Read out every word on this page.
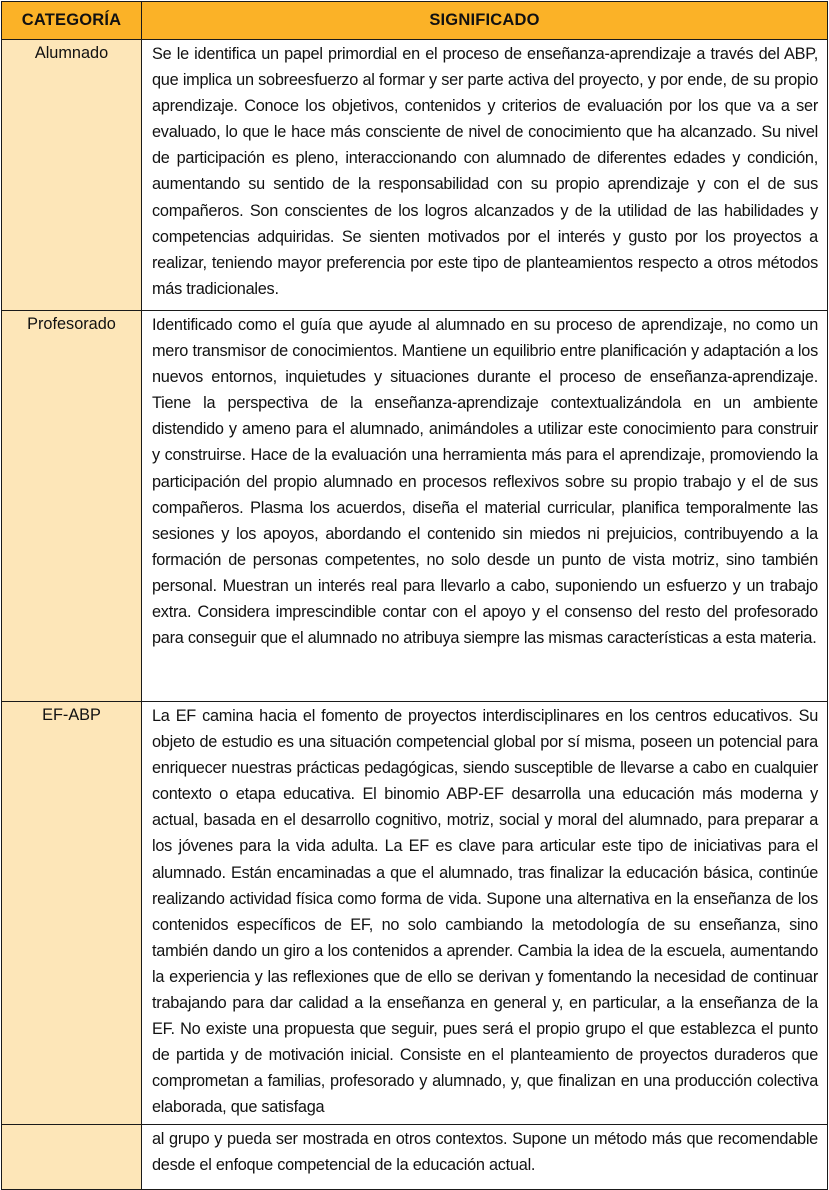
CATEGORÍA	SIGNIFICADO
Alumnado	Se le identifica un papel primordial en el proceso de enseñanza-aprendizaje a través del ABP, que implica un sobreesfuerzo al formar y ser parte activa del proyecto, y por ende, de su propio aprendizaje. Conoce los objetivos, contenidos y criterios de evaluación por los que va a ser evaluado, lo que le hace más consciente de nivel de conocimiento que ha alcanzado. Su nivel de participación es pleno, interaccionando con alumnado de diferentes edades y condición, aumentando su sentido de la responsabilidad con su propio aprendizaje y con el de sus compañeros. Son conscientes de los logros alcanzados y de la utilidad de las habilidades y competencias adquiridas. Se sienten motivados por el interés y gusto por los proyectos a realizar, teniendo mayor preferencia por este tipo de planteamientos respecto a otros métodos más tradicionales.

Profesorado	Identificado como el guía que ayude al alumnado en su proceso de aprendizaje, no como un mero transmisor de conocimientos. Mantiene un equilibrio entre planificación y adaptación a los nuevos entornos, inquietudes y situaciones durante el proceso de enseñanza-aprendizaje. Tiene la perspectiva de la enseñanza-aprendizaje contextualizándola en un ambiente distendido y ameno para el alumnado, animándoles a utilizar este conocimiento para construir y construirse. Hace de la evaluación una herramienta más para el aprendizaje, promoviendo la participación del propio alumnado en procesos reflexivos sobre su propio trabajo y el de sus compañeros. Plasma los acuerdos, diseña el material curricular, planifica temporalmente las sesiones y los apoyos, abordando el contenido sin miedos ni prejuicios, contribuyendo a la formación de personas competentes, no solo desde un punto de vista motriz, sino también personal. Muestran un interés real para llevarlo a cabo, suponiendo un esfuerzo y un trabajo extra. Considera imprescindible contar con el apoyo y el consenso del resto del profesorado para conseguir que el alumnado no atribuya siempre las mismas características a esta materia.

EF-ABP	La EF camina hacia el fomento de proyectos interdisciplinares en los centros educativos. Su objeto de estudio es una situación competencial global por sí misma, poseen un potencial para enriquecer nuestras prácticas pedagógicas, siendo susceptible de llevarse a cabo en cualquier contexto o etapa educativa. El binomio ABP-EF desarrolla una educación más moderna y actual, basada en el desarrollo cognitivo, motriz, social y moral del alumnado, para preparar a los jóvenes para la vida adulta. La EF es clave para articular este tipo de iniciativas para el alumnado. Están encaminadas a que el alumnado, tras finalizar la educación básica, continúe realizando actividad física como forma de vida. Supone una alternativa en la enseñanza de los contenidos específicos de EF, no solo cambiando la metodología de su enseñanza, sino también dando un giro a los contenidos a aprender. Cambia la idea de la escuela, aumentando la experiencia y las reflexiones que de ello se derivan y fomentando la necesidad de continuar trabajando para dar calidad a la enseñanza en general y, en particular, a la enseñanza de la EF. No existe una propuesta que seguir, pues será el propio grupo el que establezca el punto de partida y de motivación inicial. Consiste en el planteamiento de proyectos duraderos que comprometan a familias, profesorado y alumnado, y, que finalizan en una producción colectiva elaborada, que satisfaga

	al grupo y pueda ser mostrada en otros contextos. Supone un método más que recomendable desde el enfoque competencial de la educación actual.
